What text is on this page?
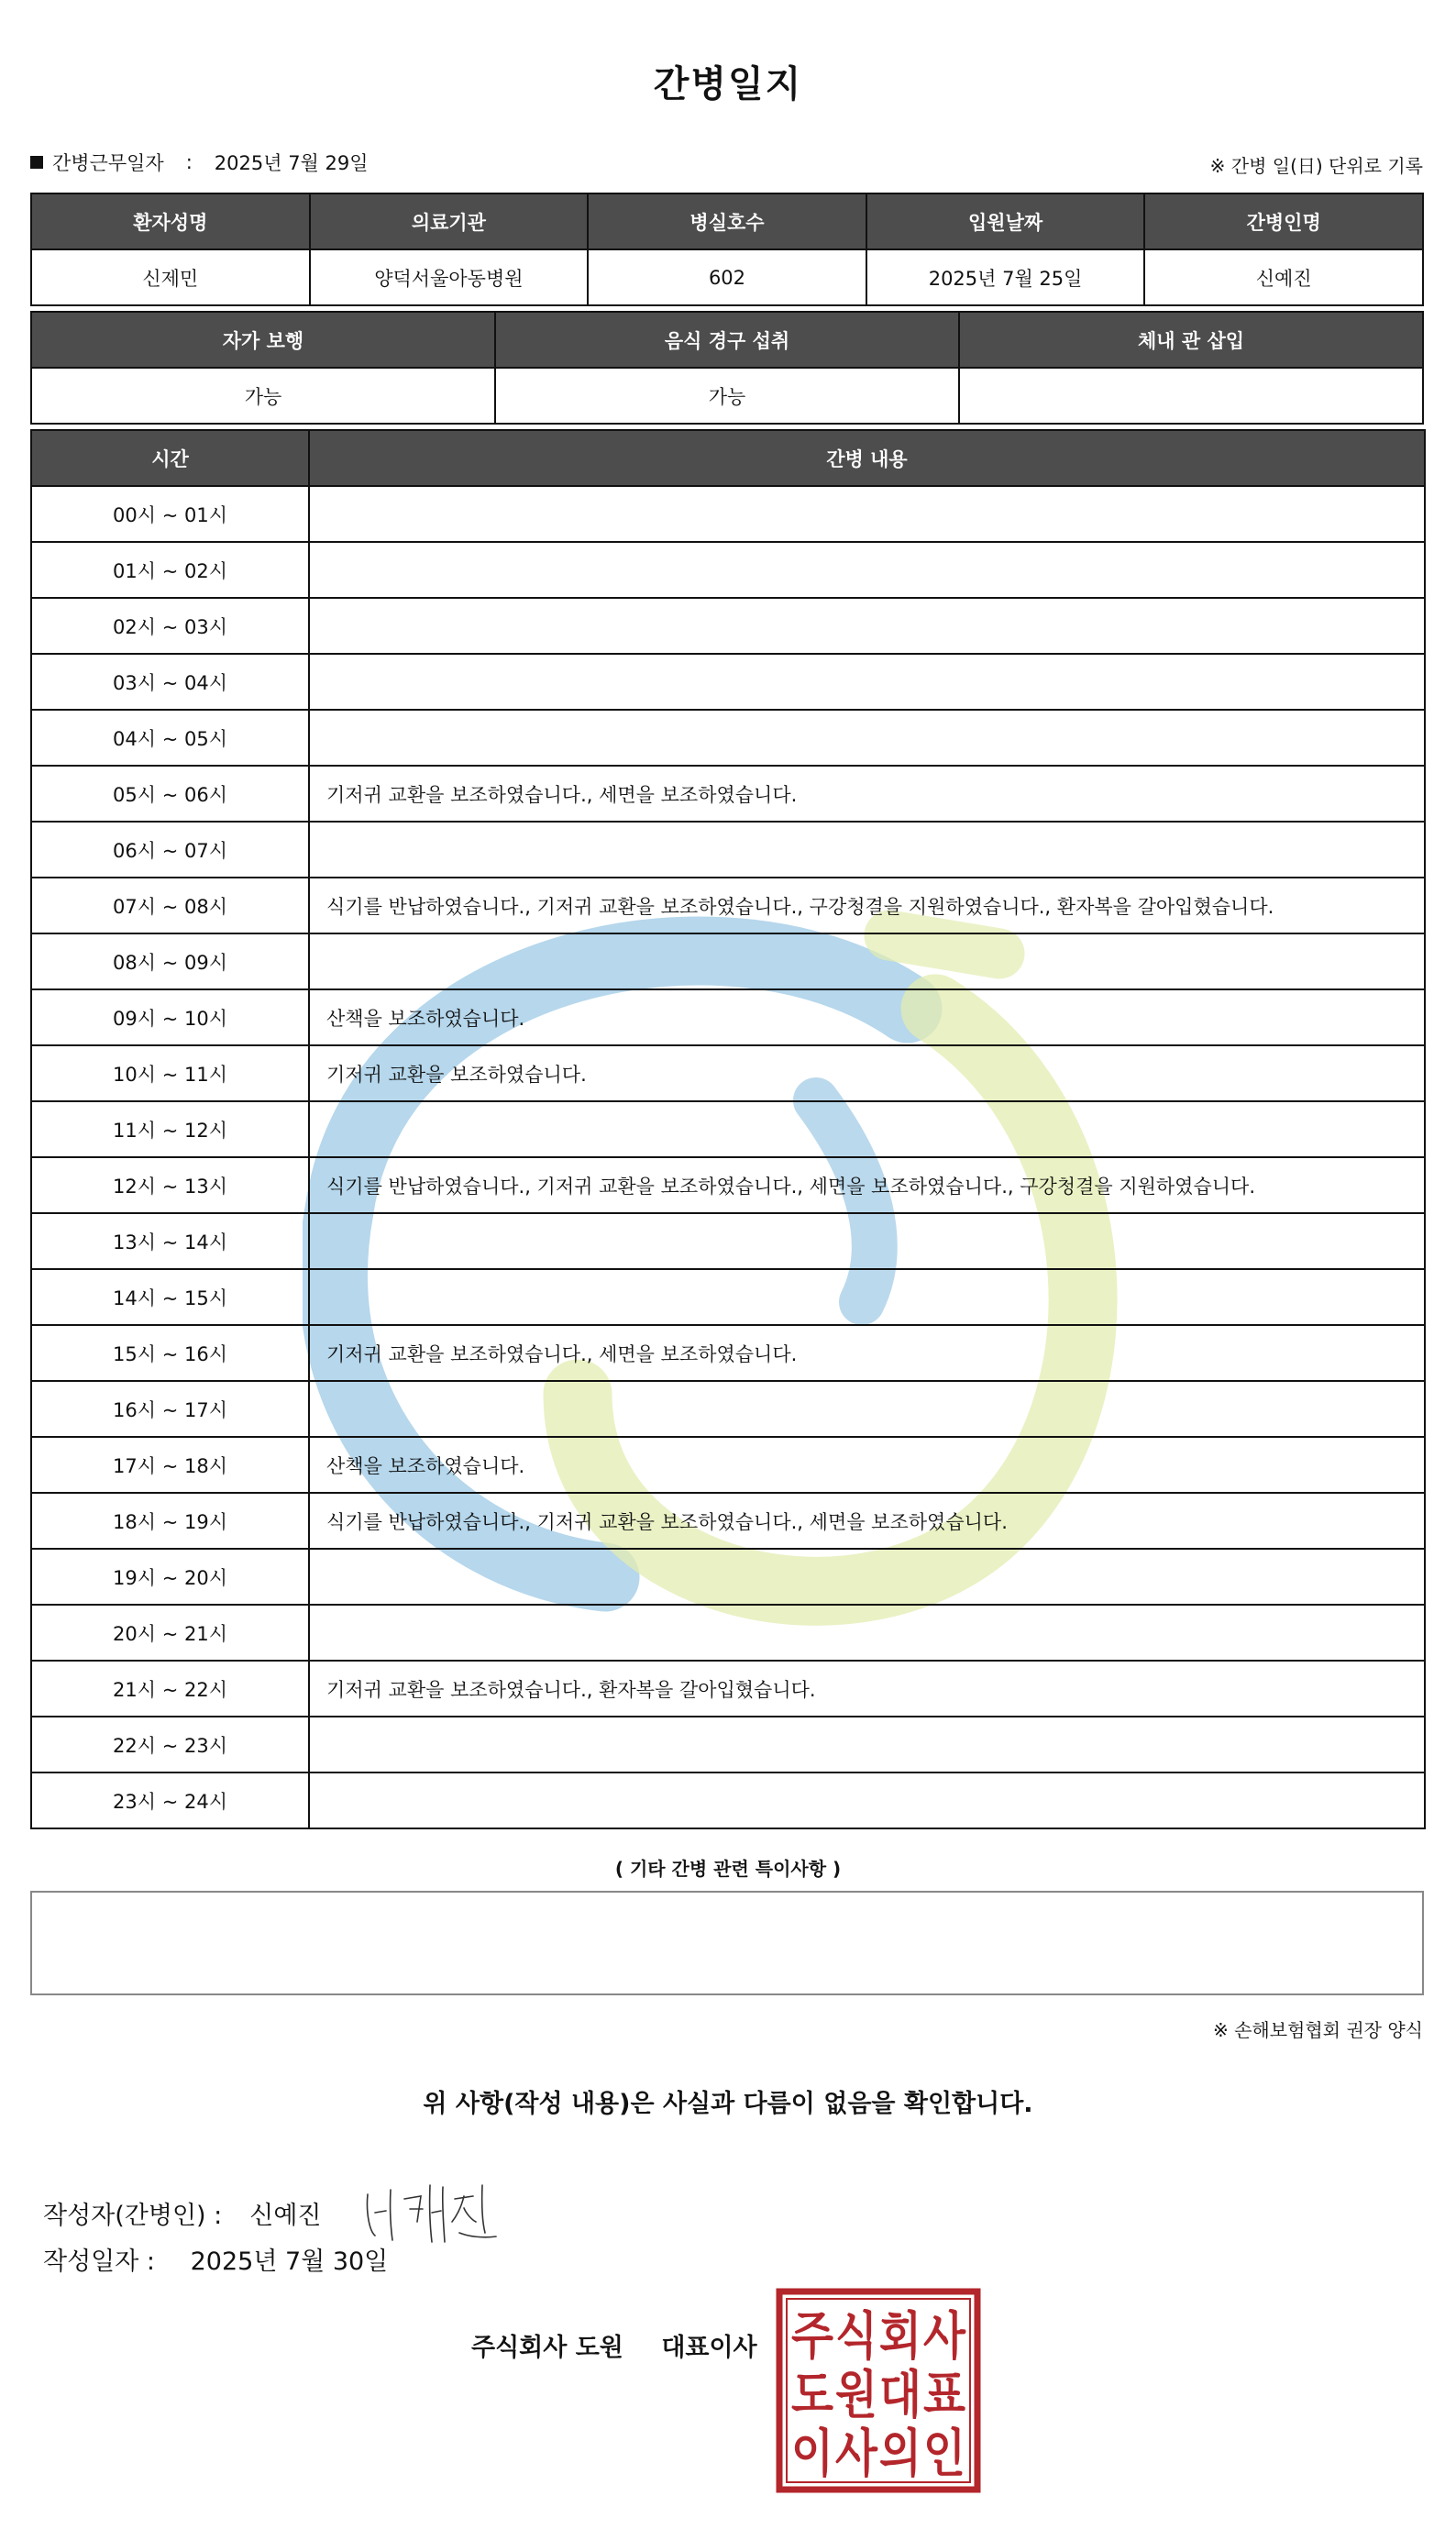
간병일지
간병근무일자 : 2025년 7월 29일	※ 간병 일(日) 단위로 기록
환자성명	의료기관	병실호수	입원날짜	간병인명
신제민	양덕서울아동병원	602	2025년 7월 25일	신예진
자가 보행	음식 경구 섭취	체내 관 삽입
가능	가능	
시간	간병 내용
00시 ~ 01시	
01시 ~ 02시	
02시 ~ 03시	
03시 ~ 04시	
04시 ~ 05시	
05시 ~ 06시	기저귀 교환을 보조하였습니다., 세면을 보조하였습니다.
06시 ~ 07시	
07시 ~ 08시	식기를 반납하였습니다., 기저귀 교환을 보조하였습니다., 구강청결을 지원하였습니다., 환자복을 갈아입혔습니다.
08시 ~ 09시	
09시 ~ 10시	산책을 보조하였습니다.
10시 ~ 11시	기저귀 교환을 보조하였습니다.
11시 ~ 12시	
12시 ~ 13시	식기를 반납하였습니다., 기저귀 교환을 보조하였습니다., 세면을 보조하였습니다., 구강청결을 지원하였습니다.
13시 ~ 14시	
14시 ~ 15시	
15시 ~ 16시	기저귀 교환을 보조하였습니다., 세면을 보조하였습니다.
16시 ~ 17시	
17시 ~ 18시	산책을 보조하였습니다.
18시 ~ 19시	식기를 반납하였습니다., 기저귀 교환을 보조하였습니다., 세면을 보조하였습니다.
19시 ~ 20시	
20시 ~ 21시	
21시 ~ 22시	기저귀 교환을 보조하였습니다., 환자복을 갈아입혔습니다.
22시 ~ 23시	
23시 ~ 24시	
( 기타 간병 관련 특이사항 )
※ 손해보험협회 권장 양식
위 사항(작성 내용)은 사실과 다름이 없음을 확인합니다.
작성자(간병인) : 신예진
작성일자 : 2025년 7월 30일
주식회사 도원 대표이사 주 식 회 사
도 원 대 표
이 사 의 인
